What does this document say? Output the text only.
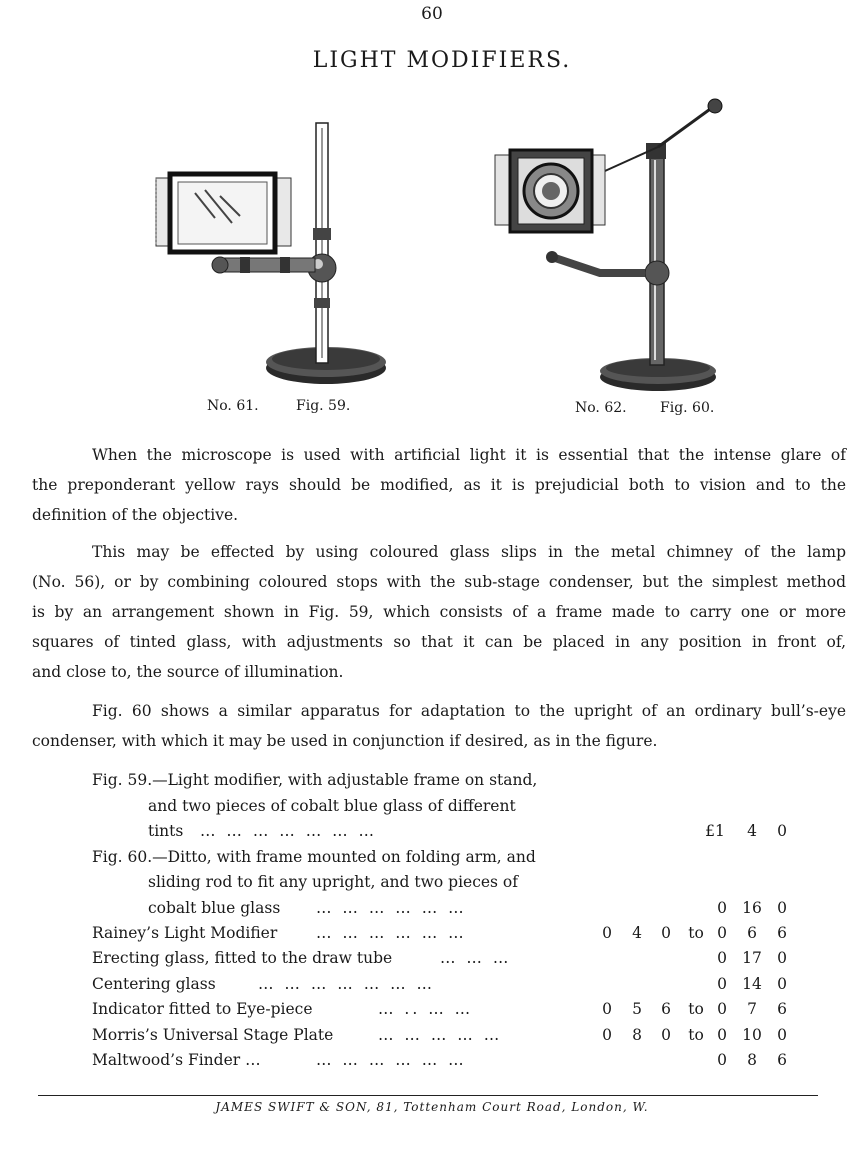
60
LIGHT MODIFIERS.
No. 61.	Fig. 59.	No. 62. Fig. 60.
When the microscope is used with artificial light it is essential that the intense glare of
the preponderant yellow rays should be modified, as it is prejudicial both to vision and to the
definition of the objective.
This may be effected by using coloured glass slips in the metal chimney of the lamp
(No. 56), or by combining coloured stops with the sub-stage condenser, but the simplest method
is by an arrangement shown in Fig. 59, which consists of a frame made to carry one or more
squares of tinted glass, with adjustments so that it can be placed in any position in front of,
and close to, the source of illumination.
Fig. 60 shows a similar apparatus for adaptation to the upright of an ordinary bull’s-eye
condenser, with which it may be used in conjunction if desired, as in the figure.
Fig. 59.—Light modifier, with adjustable frame on stand,
and two pieces of cobalt blue glass of different
tints … … … … … … …	£1	4	0
Fig. 60.—Ditto, with frame mounted on folding arm, and
sliding rod to fit any upright, and two pieces of
cobalt blue glass … … … … … …	0 16 0
Rainey’s Light Modifier … … … … … …	0	4	0	to 0	6	6
Erecting glass, fitted to the draw tube	… … …	0 17 0
Centering glass	… … … … … … …	0 14 0
Indicator fitted to Eye-piece	… .. … …	0	5	6	to 0	7	6
Morris’s Universal Stage Plate	… … … … …	0	8	0	to 0 10 0
Maltwood’s Finder …	… … … … … …	0	8	6
JAMES SWIFT & SON, 81, Tottenham Court Road, London, W.
